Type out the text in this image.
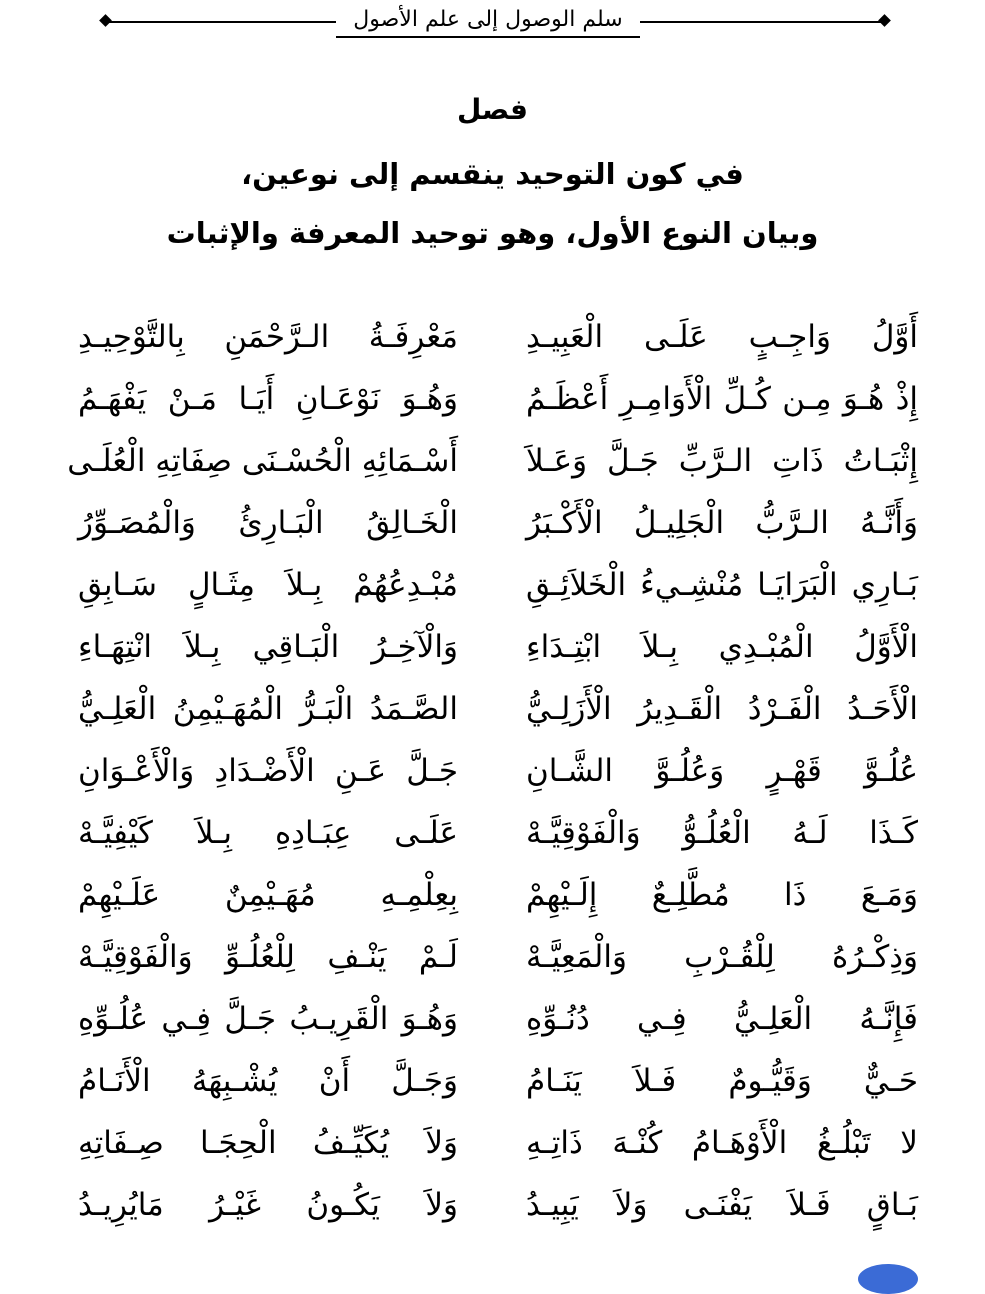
سلم الوصول إلى علم الأصول
فصل
في كون التوحيد ينقسم إلى نوعين،
وبيان النوع الأول، وهو توحيد المعرفة والإثبات
أَوَّلُ وَاجِـبٍ عَلَـى الْعَبِيـدِ
مَعْرِفَـةُ الـرَّحْمَنِ بِالتَّوْحِيـدِ
إِذْ هُـوَ مِـن كُـلِّ الْأَوَامِـرِ أَعْظَـمُ
وَهُـوَ نَوْعَـانِ أَيَـا مَـنْ يَفْهَـمُ
إِثْبَـاتُ ذَاتِ الـرَّبِّ جَـلَّ وَعَـلاَ
أَسْـمَائِهِ الْحُسْـنَى صِفَاتِهِ الْعُلَـى
وَأَنَّـهُ الـرَّبُّ الْجَلِيـلُ الْأَكْـبَرُ
الْخَـالِقُ الْبَـارِئُ وَالْمُصَـوِّرُ
بَـارِي الْبَرَايَـا مُنْشِـيءُ الْخَلاَئِـقِ
مُبْـدِعُهُمْ بِـلاَ مِثَـالٍ سَـابِقِ
الْأَوَّلُ الْمُبْـدِي بِـلاَ ابْتِـدَاءِ
وَالْآخِـرُ الْبَـاقِي بِـلاَ انْتِهَـاءِ
الْأَحَـدُ الْفَـرْدُ الْقَـدِيرُ الْأَزَلِـيُّ
الصَّـمَدُ الْبَـرُّ الْمُهَـيْمِنُ الْعَلِـيُّ
عُلُـوَّ قَهْـرٍ وَعُلُـوَّ الشَّـانِ
جَـلَّ عَـنِ الْأَضْـدَادِ وَالْأَعْـوَانِ
كَـذَا لَـهُ الْعُلُـوُّ وَالْفَوْقِيَّـهْ
عَلَـى عِبَـادِهِ بِـلاَ كَيْفِيَّـهْ
وَمَـعَ ذَا مُطَّلِـعٌ إِلَـيْهِمْ
بِعِلْمِـهِ مُهَـيْمِنٌ عَلَـيْهِمْ
وَذِكْـرُهُ لِلْقُـرْبِ وَالْمَعِيَّـهْ
لَـمْ يَنْـفِ لِلْعُلُـوِّ وَالْفَوْقِيَّـهْ
فَإِنَّـهُ الْعَلِـيُّ فِـي دُنُـوِّهِ
وَهُـوَ الْقَرِيـبُ جَـلَّ فِـي عُلُـوِّهِ
حَـيٌّ وَقَيُّـومٌ فَـلاَ يَنَـامُ
وَجَـلَّ أَنْ يُشْـبِهَهُ الْأَنَـامُ
لا تَبْلُـغُ الْأَوْهَـامُ كُنْـهَ ذَاتِـهِ
وَلاَ يُكَيِّـفُ الْحِجَـا صِـفَاتِهِ
بَـاقٍ فَـلاَ يَفْنَـى وَلاَ يَبِيـدُ
وَلاَ يَكُـونُ غَيْـرُ مَايُرِيـدُ
